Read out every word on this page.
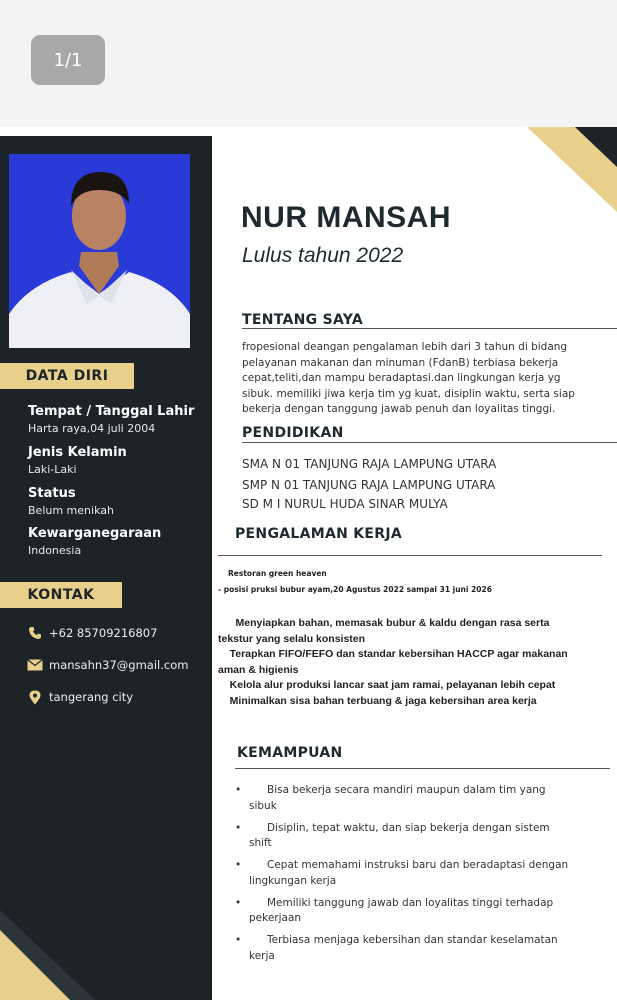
1/1
DATA DIRI
Tempat / Tanggal Lahir
Harta raya,04 juli 2004
Jenis Kelamin
Laki-Laki
Status
Belum menikah
Kewarganegaraan
Indonesia
KONTAK
+62 85709216807
mansahn37@gmail.com
tangerang city
NUR MANSAH
Lulus tahun 2022
TENTANG SAYA

fropesional deangan pengalaman lebih dari 3 tahun di bidang pelayanan makanan dan minuman (FdanB) terbiasa bekerja cepat,teliti,dan mampu beradaptasi.dan lingkungan kerja yg sibuk. memiliki jiwa kerja tim yg kuat, disiplin waktu, serta siap bekerja dengan tanggung jawab penuh dan loyalitas tinggi.

PENDIDIKAN
SMA N 01 TANJUNG RAJA LAMPUNG UTARA
SMP N 01 TANJUNG RAJA LAMPUNG UTARA
SD M I NURUL HUDA SINAR MULYA
PENGALAMAN KERJA
Restoran green heaven
- posisi pruksi bubur ayam,20 Agustus 2022 sampai 31 juni 2026
Menyiapkan bahan, memasak bubur & kaldu dengan rasa serta
tekstur yang selalu konsisten
Terapkan FIFO/FEFO dan standar kebersihan HACCP agar makanan
aman & higienis
Kelola alur produksi lancar saat jam ramai, pelayanan lebih cepat
Minimalkan sisa bahan terbuang & jaga kebersihan area kerja
KEMAMPUAN
•	Bisa bekerja secara mandiri maupun dalam tim yang sibuk
•	Disiplin, tepat waktu, dan siap bekerja dengan sistem shift
•	Cepat memahami instruksi baru dan beradaptasi dengan lingkungan kerja
•	Memiliki tanggung jawab dan loyalitas tinggi terhadap pekerjaan
•	Terbiasa menjaga kebersihan dan standar keselamatan kerja
